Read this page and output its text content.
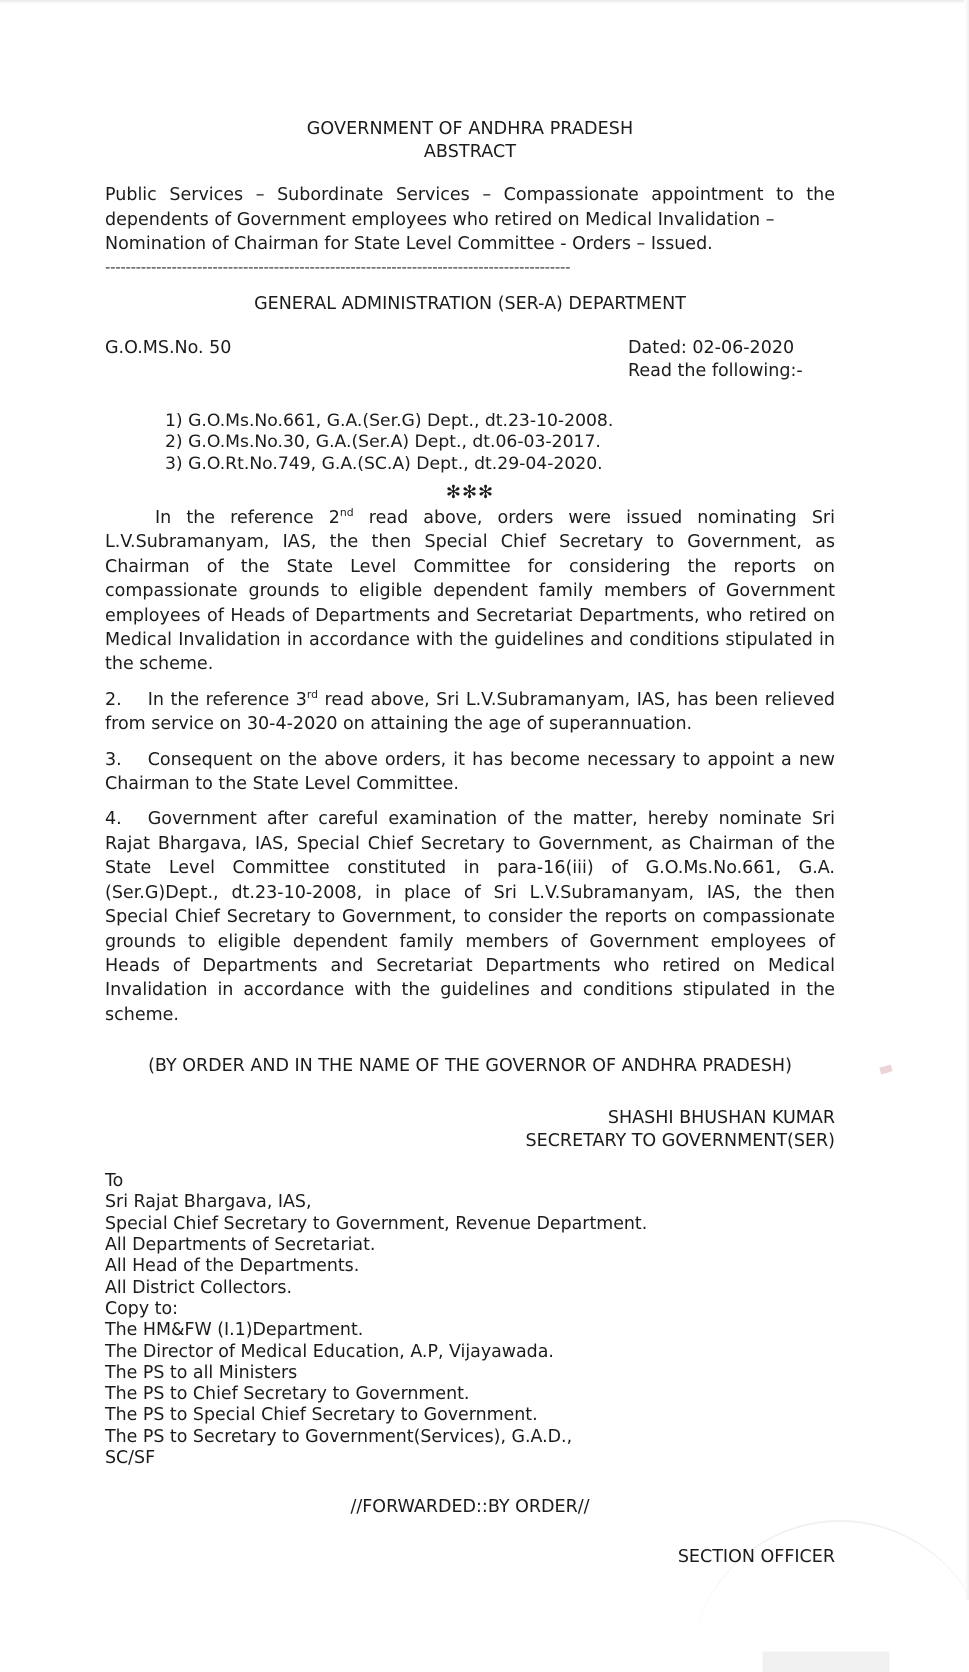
GOVERNMENT OF ANDHRA PRADESH
ABSTRACT
Public Services – Subordinate Services – Compassionate appointment to the dependents of Government employees who retired on Medical Invalidation –
Nomination of Chairman for State Level Committee - Orders – Issued.
-------------------------------------------------------------------------------------------
GENERAL ADMINISTRATION (SER-A) DEPARTMENT
G.O.MS.No. 50	Dated: 02-06-2020
Read the following:-
1) G.O.Ms.No.661, G.A.(Ser.G) Dept., dt.23-10-2008.
2) G.O.Ms.No.30, G.A.(Ser.A) Dept., dt.06-03-2017.
3) G.O.Rt.No.749, G.A.(SC.A) Dept., dt.29-04-2020.
✻✻✻

In the reference 2nd read above, orders were issued nominating Sri L.V.Subramanyam, IAS, the then Special Chief Secretary to Government, as Chairman of the State Level Committee for considering the reports on compassionate grounds to eligible dependent family members of Government employees of Heads of Departments and Secretariat Departments, who retired on Medical Invalidation in accordance with the guidelines and conditions stipulated in the scheme.

2. In the reference 3rd read above, Sri L.V.Subramanyam, IAS, has been relieved from service on 30-4-2020 on attaining the age of superannuation.

3. Consequent on the above orders, it has become necessary to appoint a new Chairman to the State Level Committee.

4. Government after careful examination of the matter, hereby nominate Sri Rajat Bhargava, IAS, Special Chief Secretary to Government, as Chairman of the State Level Committee constituted in para-16(iii) of G.O.Ms.No.661, G.A. (Ser.G)Dept., dt.23-10-2008, in place of Sri L.V.Subramanyam, IAS, the then Special Chief Secretary to Government, to consider the reports on compassionate grounds to eligible dependent family members of Government employees of Heads of Departments and Secretariat Departments who retired on Medical Invalidation in accordance with the guidelines and conditions stipulated in the scheme.

(BY ORDER AND IN THE NAME OF THE GOVERNOR OF ANDHRA PRADESH)
SHASHI BHUSHAN KUMAR
SECRETARY TO GOVERNMENT(SER)
To
Sri Rajat Bhargava, IAS,
Special Chief Secretary to Government, Revenue Department.
All Departments of Secretariat.
All Head of the Departments.
All District Collectors.
Copy to:
The HM&FW (I.1)Department.
The Director of Medical Education, A.P, Vijayawada.
The PS to all Ministers
The PS to Chief Secretary to Government.
The PS to Special Chief Secretary to Government.
The PS to Secretary to Government(Services), G.A.D.,
SC/SF
//FORWARDED::BY ORDER//
SECTION OFFICER
